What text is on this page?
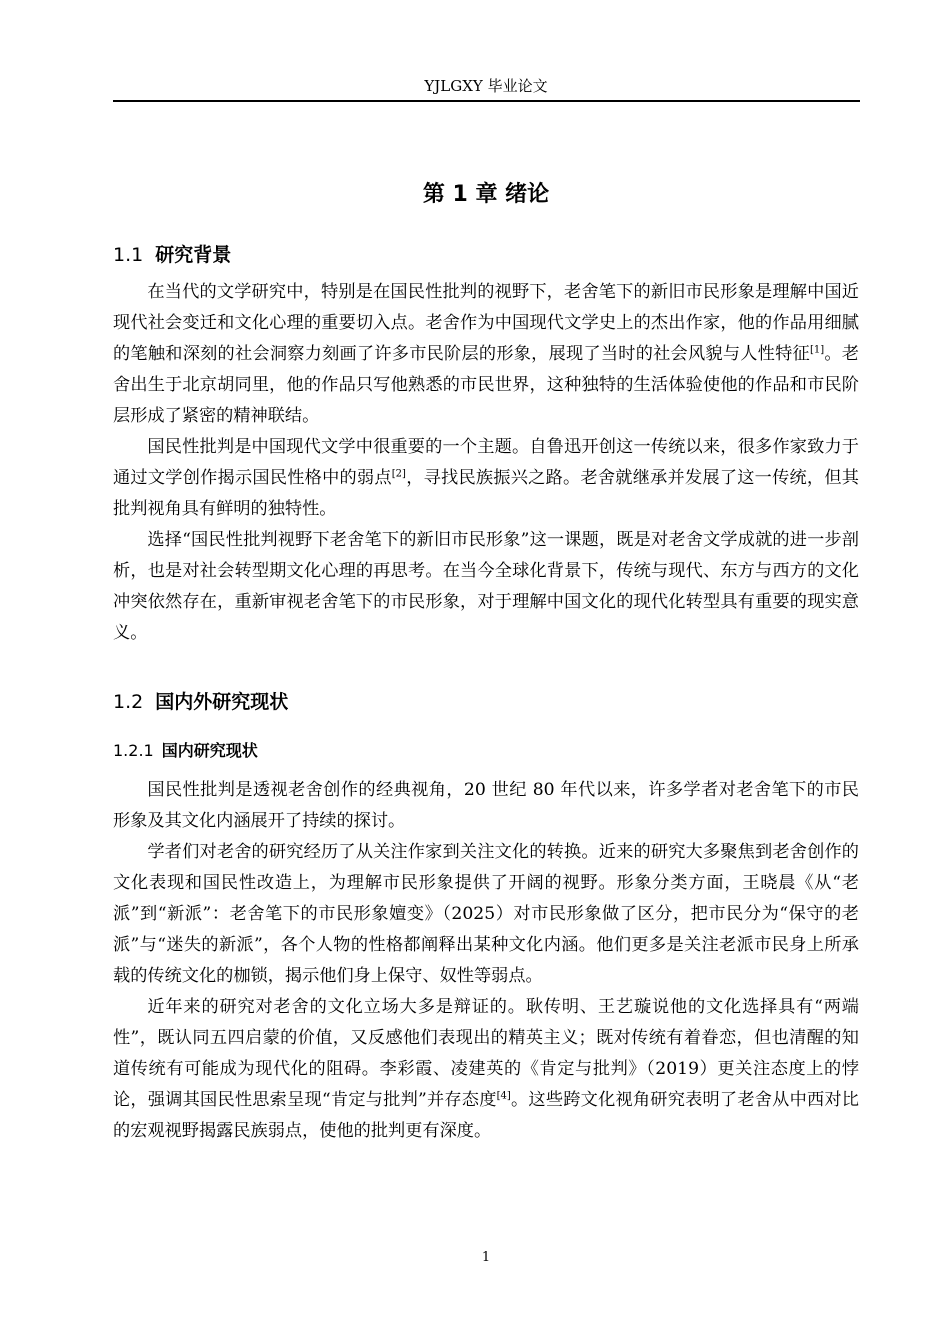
YJLGXY 毕业论文
第 1 章 绪论
1.1 研究背景

在当代的文学研究中，特别是在国民性批判的视野下，老舍笔下的新旧市民形象是理解中国近现代社会变迁和文化心理的重要切入点。老舍作为中国现代文学史上的杰出作家，他的作品用细腻的笔触和深刻的社会洞察力刻画了许多市民阶层的形象，展现了当时的社会风貌与人性特征[1]。老舍出生于北京胡同里，他的作品只写他熟悉的市民世界，这种独特的生活体验使他的作品和市民阶层形成了紧密的精神联结。

国民性批判是中国现代文学中很重要的一个主题。自鲁迅开创这一传统以来，很多作家致力于通过文学创作揭示国民性格中的弱点[2]，寻找民族振兴之路。老舍就继承并发展了这一传统，但其批判视角具有鲜明的独特性。

选择“国民性批判视野下老舍笔下的新旧市民形象”这一课题，既是对老舍文学成就的进一步剖析，也是对社会转型期文化心理的再思考。在当今全球化背景下，传统与现代、东方与西方的文化冲突依然存在，重新审视老舍笔下的市民形象，对于理解中国文化的现代化转型具有重要的现实意义。

1.2 国内外研究现状
1.2.1 国内研究现状

国民性批判是透视老舍创作的经典视角，20 世纪 80 年代以来，许多学者对老舍笔下的市民形象及其文化内涵展开了持续的探讨。

学者们对老舍的研究经历了从关注作家到关注文化的转换。近来的研究大多聚焦到老舍创作的文化表现和国民性改造上，为理解市民形象提供了开阔的视野。形象分类方面，王晓晨《从“老派”到“新派”：老舍笔下的市民形象嬗变》（2025）对市民形象做了区分，把市民分为“保守的老派”与“迷失的新派”，各个人物的性格都阐释出某种文化内涵。他们更多是关注老派市民身上所承载的传统文化的枷锁，揭示他们身上保守、奴性等弱点。

近年来的研究对老舍的文化立场大多是辩证的。耿传明、王艺璇说他的文化选择具有“两端性”，既认同五四启蒙的价值，又反感他们表现出的精英主义；既对传统有着眷恋，但也清醒的知道传统有可能成为现代化的阻碍。李彩霞、凌建英的《肯定与批判》（2019）更关注态度上的悖论，强调其国民性思索呈现“肯定与批判”并存态度[4]。这些跨文化视角研究表明了老舍从中西对比的宏观视野揭露民族弱点，使他的批判更有深度。

1
